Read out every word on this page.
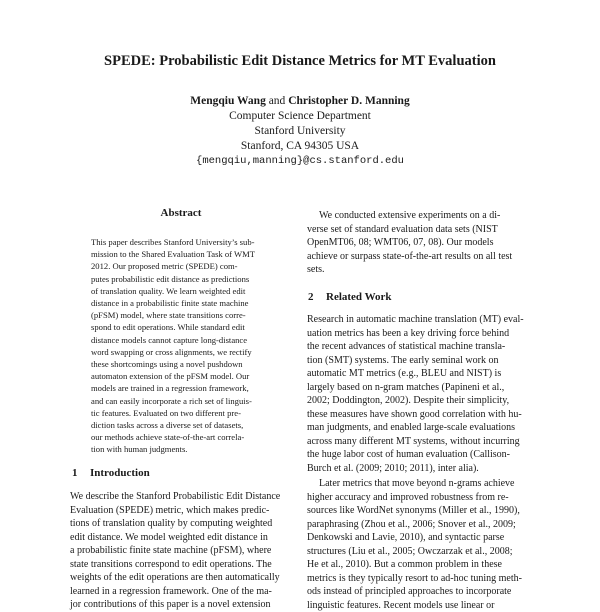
SPEDE: Probabilistic Edit Distance Metrics for MT Evaluation
Mengqiu Wang and Christopher D. Manning
Computer Science Department
Stanford University
Stanford, CA 94305 USA
{mengqiu,manning}@cs.stanford.edu
Abstract
This paper describes Stanford University’s sub-
mission to the Shared Evaluation Task of WMT
2012. Our proposed metric (SPEDE) com-
putes probabilistic edit distance as predictions
of translation quality. We learn weighted edit
distance in a probabilistic finite state machine
(pFSM) model, where state transitions corre-
spond to edit operations. While standard edit
distance models cannot capture long-distance
word swapping or cross alignments, we rectify
these shortcomings using a novel pushdown
automaton extension of the pFSM model. Our
models are trained in a regression framework,
and can easily incorporate a rich set of linguis-
tic features. Evaluated on two different pre-
diction tasks across a diverse set of datasets,
our methods achieve state-of-the-art correla-
tion with human judgments.
1 Introduction
We describe the Stanford Probabilistic Edit Distance
Evaluation (SPEDE) metric, which makes predic-
tions of translation quality by computing weighted
edit distance. We model weighted edit distance in
a probabilistic finite state machine (pFSM), where
state transitions correspond to edit operations. The
weights of the edit operations are then automatically
learned in a regression framework. One of the ma-
jor contributions of this paper is a novel extension
We conducted extensive experiments on a di-
verse set of standard evaluation data sets (NIST
OpenMT06, 08; WMT06, 07, 08). Our models
achieve or surpass state-of-the-art results on all test
sets.
2 Related Work
Research in automatic machine translation (MT) eval-
uation metrics has been a key driving force behind
the recent advances of statistical machine transla-
tion (SMT) systems. The early seminal work on
automatic MT metrics (e.g., BLEU and NIST) is
largely based on n-gram matches (Papineni et al.,
2002; Doddington, 2002). Despite their simplicity,
these measures have shown good correlation with hu-
man judgments, and enabled large-scale evaluations
across many different MT systems, without incurring
the huge labor cost of human evaluation (Callison-
Burch et al. (2009; 2010; 2011), inter alia).
Later metrics that move beyond n-grams achieve
higher accuracy and improved robustness from re-
sources like WordNet synonyms (Miller et al., 1990),
paraphrasing (Zhou et al., 2006; Snover et al., 2009;
Denkowski and Lavie, 2010), and syntactic parse
structures (Liu et al., 2005; Owczarzak et al., 2008;
He et al., 2010). But a common problem in these
metrics is they typically resort to ad-hoc tuning meth-
ods instead of principled approaches to incorporate
linguistic features. Recent models use linear or
